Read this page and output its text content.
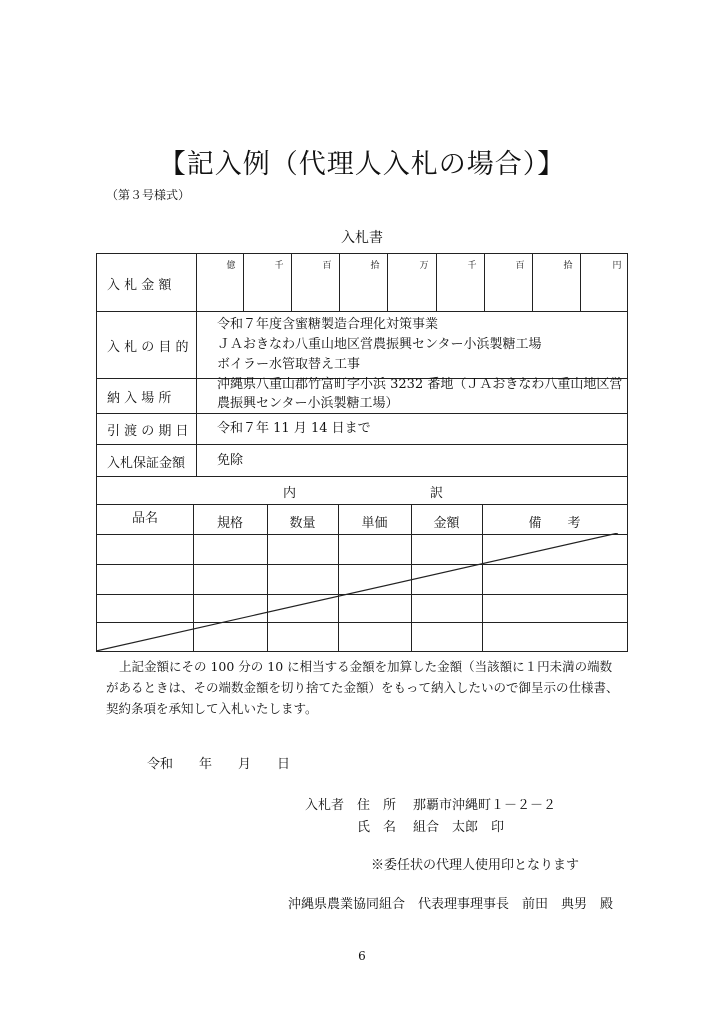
【記入例（代理人入札の場合）】
（第３号様式）
入札書
入 札 金 額
億	千	百	拾	万	千	百	拾	円
入 札 の 目 的
令和７年度含蜜糖製造合理化対策事業
ＪＡおきなわ八重山地区営農振興センター小浜製糖工場
ボイラー水管取替え工事
納 入 場 所
沖縄県八重山郡竹富町字小浜 3232 番地（ＪＡおきなわ八重山地区営
農振興センター小浜製糖工場）
引 渡 の 期 日 令和７年 11 月 14 日まで
入札保証金額 免除
内	訳
品名	規格	数量	単価	金額	備　　考
上記金額にその 100 分の 10 に相当する金額を加算した金額（当該額に１円未満の端数があるときは、その端数金額を切り捨てた金額）をもって納入したいので御呈示の仕様書、契約条項を承知して入札いたします。
令和　　年　　月　　日
入札者 住　所 那覇市沖縄町１－２－２
氏　名 組合　太郎　印
※委任状の代理人使用印となります
沖縄県農業協同組合　代表理事理事長　前田　典男　殿
6
